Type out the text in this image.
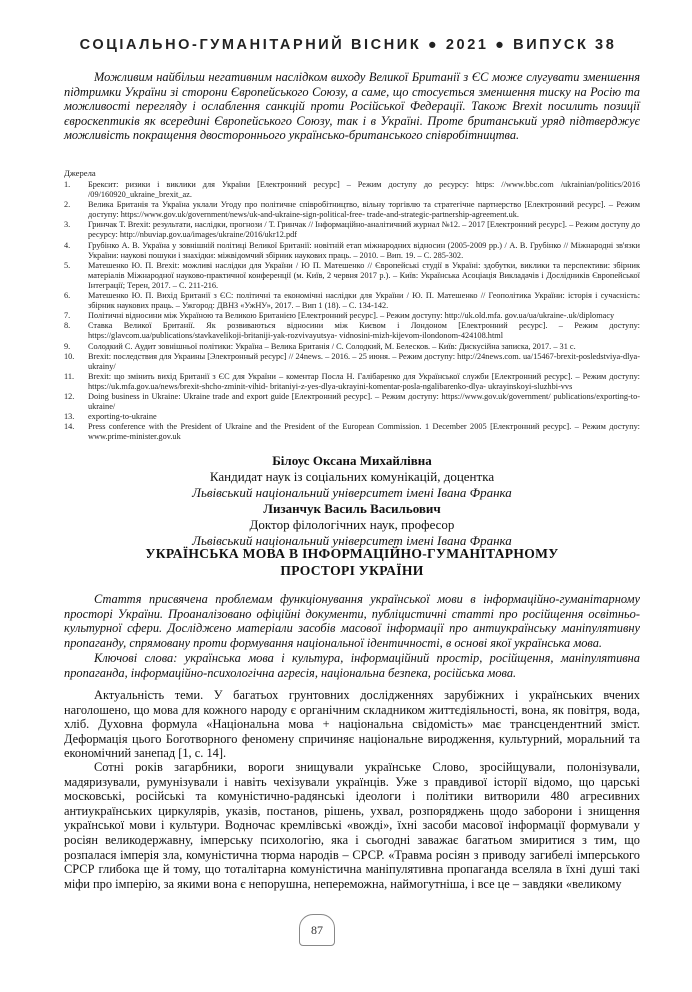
СОЦІАЛЬНО-ГУМАНІТАРНИЙ ВІСНИК ● 2021 ● ВИПУСК 38
Можливим найбільш негативним наслідком виходу Великої Британії з ЄС може слугувати зменшення підтримки України зі сторони Європейського Союзу, а саме, що стосується зменшення тиску на Росію та можливості перегляду і ослаблення санкцій проти Російської Федерації. Також Brexit посилить позиції євроскептиків як всередині Європейського Союзу, так і в Україні. Проте британський уряд підтверджує можливість покращення двостороннього українсько-британського співробітництва.
Джерела
1.	Брексит: ризики і виклики для України [Електронний ресурс] – Режим доступу до ресурсу: https: //www.bbc.com /ukrainian/politics/2016 /09/160920_ukraine_brexit_az.
2.	Велика Британія та Україна уклали Угоду про політичне співробітництво, вільну торгівлю та стратегічне партнерство [Електронний ресурс]. – Режим доступу: https://www.gov.uk/government/news/uk-and-ukraine-sign-political-free- trade-and-strategic-partnership-agreement.uk.
3.	Гринчак Т. Brexit: результати, наслідки, прогнози / Т. Гринчак // Інформаційно-аналітичний журнал №12. – 2017 [Електронний ресурс]. – Режим доступу до ресурсу: http://nbuviap.gov.ua/images/ukraine/2016/ukr12.pdf
4.	Грубінко А. В. Україна у зовнішній політиці Великої Британії: новітній етап міжнародних відносин (2005-2009 рр.) / А. В. Грубінко // Міжнародні зв'язки України: наукові пошуки і знахідки: міжвідомчий збірник наукових праць. – 2010. – Вип. 19. – С. 285-302.
5.	Матешенко Ю. П. Brexit: можливі наслідки для України / Ю П. Матешенко // Європейські студії в Україні: здобутки, виклики та перспективи: збірник матеріалів Міжнародної науково-практичної конференції (м. Київ, 2 червня 2017 р.). – Київ: Українська Асоціація Викладачів і Дослідників Європейської Інтеграції; Терен, 2017. – С. 211-216.
6.	Матешенко Ю. П. Вихід Британії з ЄС: політичні та економічні наслідки для України / Ю. П. Матешенко // Геополітика України: історія і сучасність: збірник наукових праць. – Ужгород: ДВНЗ «УжНУ», 2017. – Вип 1 (18). – С. 134-142.
7.	Політичні відносини між Україною та Великою Британією [Електронний ресурс]. – Режим доступу: http://uk.old.mfa. gov.ua/ua/ukraine-.uk/diplomacy
8.	Ставка Великої Британії. Як розвиваються відносини між Києвом і Лондоном [Електронний ресурс]. – Режим доступу: https://glavcom.ua/publications/stavkavelikoji-britaniji-yak-rozvivayutsya- vidnosini-mizh-kijevom-ilondonom-424108.html
9.	Солодкий С. Аудит зовнішньої політики: Україна – Велика Британія / С. Солодкий, М. Белесков. – Київ: Дискусійна записка, 2017. – 31 с.
10.	Brexit: последствия для Украины [Электронный ресурс] // 24news. – 2016. – 25 июня. – Режим доступу: http://24news.com. ua/15467-brexit-posledstviya-dlya-ukrainy/
11.	Brexit: що змінить вихід Британії з ЄС для України – коментар Посла Н. Галібаренко для Української служби [Електронний ресурс]. – Режим доступу: https://uk.mfa.gov.ua/news/brexit-shcho-zminit-vihid- britaniyi-z-yes-dlya-ukrayini-komentar-posla-ngalibarenko-dlya- ukrayinskoyi-sluzhbi-vvs
12.	Doing business in Ukraine: Ukraine trade and export guide [Електронний ресурс]. – Режим доступу: https://www.gov.uk/government/ publications/exporting-to-ukraine/
13.	exporting-to-ukraine
14.	Press conference with the President of Ukraine and the President of the European Commission. 1 December 2005 [Електронний ресурс]. – Режим доступу: www.prime-minister.gov.uk
Білоус Оксана Михайлівна
Кандидат наук із соціальних комунікацій, доцентка
Львівський національний університет імені Івана Франка
Лизанчук Василь Васильович
Доктор філологічних наук, професор
Львівський національний університет імені Івана Франка
УКРАЇНСЬКА МОВА В ІНФОРМАЦІЙНО-ГУМАНІТАРНОМУ
ПРОСТОРІ УКРАЇНИ

Стаття присвячена проблемам функціонування української мови в інформаційно-гуманітарному просторі України. Проаналізовано офіційні документи, публіцистичні статті про російщення освітньо-культурної сфери. Досліджено матеріали засобів масової інформації про антиукраїнську маніпулятивну пропаганду, спрямовану проти формування національної ідентичності, в основі якої українська мова.

Ключові слова: українська мова і культура, інформаційний простір, російщення, маніпулятивна пропаганда, інформаційно-психологічна агресія, національна безпека, російська мова.

Актуальність теми. У багатьох грунтовних дослідженнях зарубіжних і українських вчених наголошено, що мова для кожного народу є органічним складником життєдіяльності, вона, як повітря, вода, хліб. Духовна формула «Національна мова + національна свідомість» має трансцендентний зміст. Деформація цього Боготворного феномену спричиняє національне виродження, культурний, моральний та економічний занепад [1, с. 14].

Сотні років загарбники, вороги знищували українське Слово, зросійщували, полонізували, мадяризували, румунізували і навіть чехізували українців. Уже з правдивої історії відомо, що царські московські, російські та комуністично-радянські ідеологи і політики витворили 480 агресивних антиукраїнських циркулярів, указів, постанов, рішень, ухвал, розпоряджень щодо заборони і знищення української мови і культури. Водночас кремлівські «вожді», їхні засоби масової інформації формували у росіян великодержавну, імперську психологію, яка і сьогодні заважає багатьом змиритися з тим, що розпалася імперія зла, комуністична тюрма народів – СРСР. «Травма росіян з приводу загибелі імперського СРСР глибока ще й тому, що тоталітарна комуністична маніпулятивна пропаганда вселяла в їхні душі такі міфи про імперію, за якими вона є непорушна, непереможна, наймогутніша, і все це – завдяки «великому

87
